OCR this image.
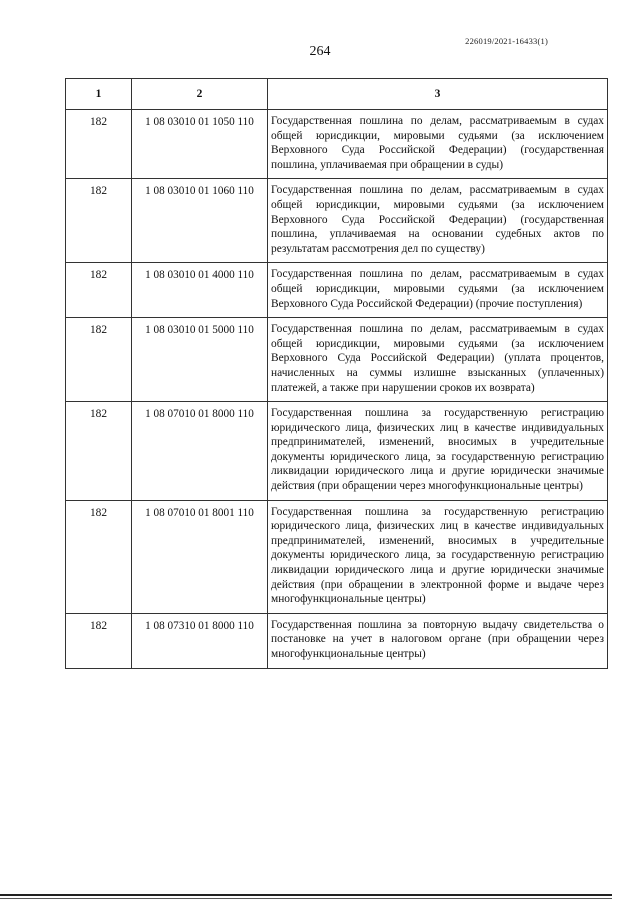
226019/2021-16433(1)
264
1	2	3
182	1 08 03010 01 1050 110	Государственная пошлина по делам, рассматриваемым в судах общей юрисдикции, мировыми судьями (за исключением Верховного Суда Российской Федерации) (государственная пошлина, уплачиваемая при обращении в суды)
182	1 08 03010 01 1060 110	Государственная пошлина по делам, рассматриваемым в судах общей юрисдикции, мировыми судьями (за исключением Верховного Суда Российской Федерации) (государственная пошлина, уплачиваемая на основании судебных актов по результатам рассмотрения дел по существу)
182	1 08 03010 01 4000 110	Государственная пошлина по делам, рассматриваемым в судах общей юрисдикции, мировыми судьями (за исключением Верховного Суда Российской Федерации) (прочие поступления)
182	1 08 03010 01 5000 110	Государственная пошлина по делам, рассматриваемым в судах общей юрисдикции, мировыми судьями (за исключением Верховного Суда Российской Федерации) (уплата процентов, начисленных на суммы излишне взысканных (уплаченных) платежей, а также при нарушении сроков их возврата)
182	1 08 07010 01 8000 110	Государственная пошлина за государственную регистрацию юридического лица, физических лиц в качестве индивидуальных предпринимателей, изменений, вносимых в учредительные документы юридического лица, за государственную регистрацию ликвидации юридического лица и другие юридически значимые действия (при обращении через многофункциональные центры)
182	1 08 07010 01 8001 110	Государственная пошлина за государственную регистрацию юридического лица, физических лиц в качестве индивидуальных предпринимателей, изменений, вносимых в учредительные документы юридического лица, за государственную регистрацию ликвидации юридического лица и другие юридически значимые действия (при обращении в электронной форме и выдаче через многофункциональные центры)
182	1 08 07310 01 8000 110	Государственная пошлина за повторную выдачу свидетельства о постановке на учет в налоговом органе (при обращении через многофункциональные центры)
